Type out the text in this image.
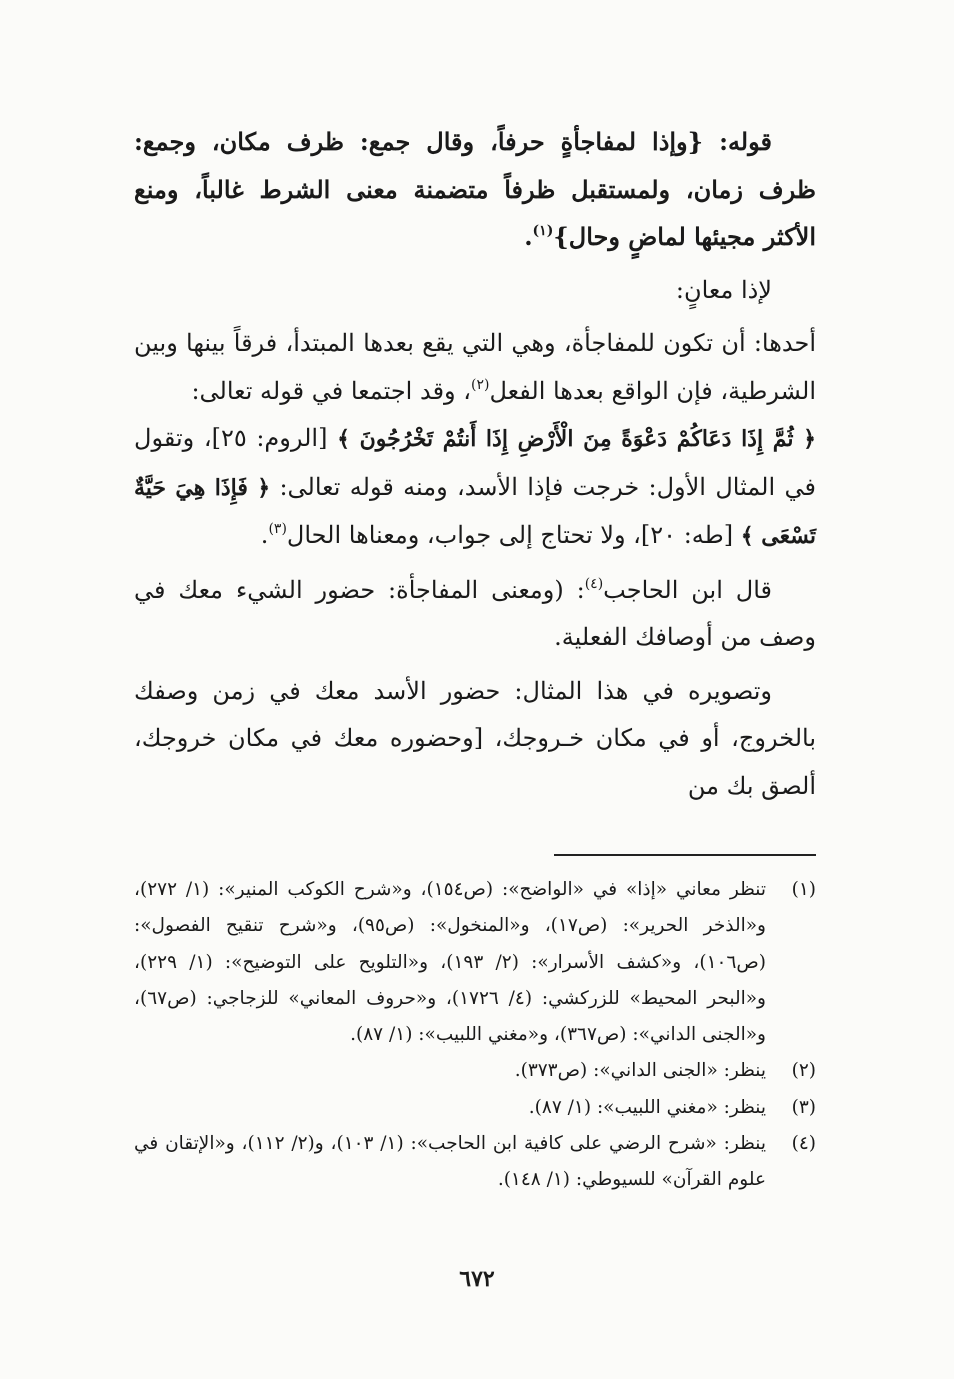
قوله: {وإذا لمفاجأةٍ حرفاً، وقال جمع: ظرف مكان، وجمع: ظرف زمان، ولمستقبل ظرفاً متضمنة معنى الشرط غالباً، ومنع الأكثر مجيئها لماضٍ وحال}$^{(١)}$.

لإذا معانٍ:

أحدها: أن تكون للمفاجأة، وهي التي يقع بعدها المبتدأ، فرقاً بينها وبين الشرطية، فإن الواقع بعدها الفعل$^{(٢)}$، وقد اجتمعا في قوله تعالى:
﴿ ثُمَّ إِذَا دَعَاكُمْ دَعْوَةً مِنَ الْأَرْضِ إِذَا أَنتُمْ تَخْرُجُونَ ﴾ [الروم: ٢٥]، وتقول في المثال الأول: خرجت فإذا الأسد، ومنه قوله تعالى: ﴿ فَإِذَا هِيَ حَيَّةٌ تَسْعَى ﴾ [طه: ٢٠]، ولا تحتاج إلى جواب، ومعناها الحال$^{(٣)}$.

قال ابن الحاجب$^{(٤)}$: (ومعنى المفاجأة: حضور الشيء معك في وصف من أوصافك الفعلية.

وتصويره في هذا المثال: حضور الأسد معك في زمن وصفك بالخروج، أو في مكان خـروجك، [وحضوره معك في مكان خروجك، ألصق بك من

(١)
تنظر معاني «إذا» في «الواضح»: (ص١٥٤)، و«شرح الكوكب المنير»: (١/ ٢٧٢)، و«الذخر الحرير»: (ص١٧)، و«المنخول»: (ص٩٥)، و«شرح تنقيح الفصول»: (ص١٠٦)، و«كشف الأسرار»: (٢/ ١٩٣)، و«التلويح على التوضيح»: (١/ ٢٢٩)، و«البحر المحيط» للزركشي: (٤/ ١٧٢٦)، و«حروف المعاني» للزجاجي: (ص٦٧)، و«الجنى الداني»: (ص٣٦٧)، و«مغني اللبيب»: (١/ ٨٧).
(٢)
ينظر: «الجنى الداني»: (ص٣٧٣).
(٣)
ينظر: «مغني اللبيب»: (١/ ٨٧).
(٤)
ينظر: «شرح الرضي على كافية ابن الحاجب»: (١/ ١٠٣)، و(٢/ ١١٢)، و«الإتقان في علوم القرآن» للسيوطي: (١/ ١٤٨).
٦٧٢
